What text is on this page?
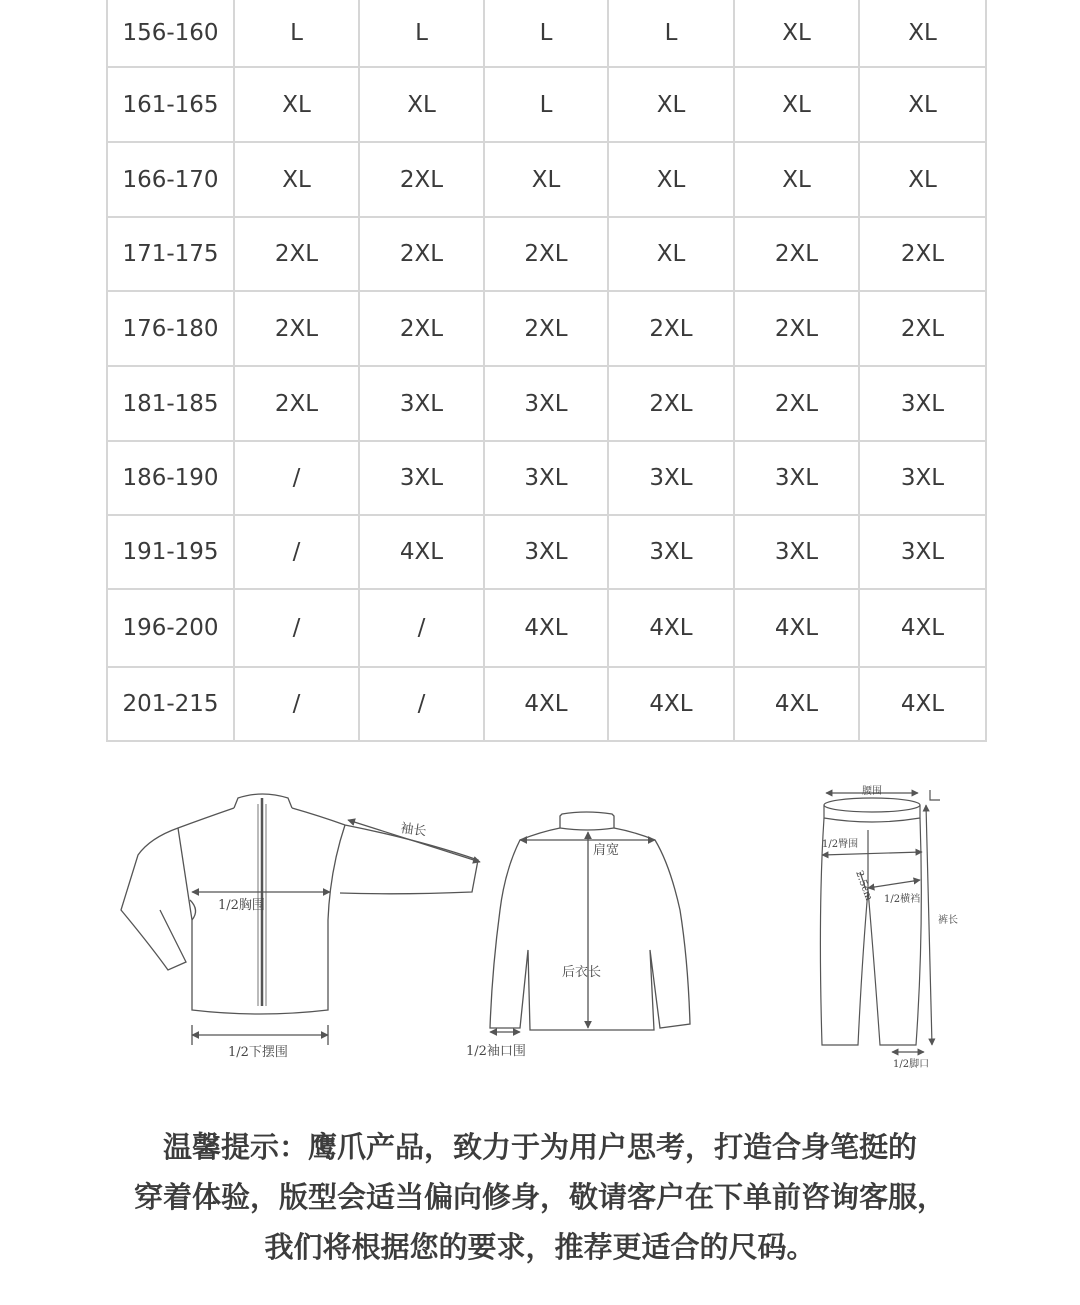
156-160	L	L	L	L	XL	XL
161-165	XL	XL	L	XL	XL	XL
166-170	XL	2XL	XL	XL	XL	XL
171-175	2XL	2XL	2XL	XL	2XL	2XL
176-180	2XL	2XL	2XL	2XL	2XL	2XL
181-185	2XL	3XL	3XL	2XL	2XL	3XL
186-190	/	3XL	3XL	3XL	3XL	3XL
191-195	/	4XL	3XL	3XL	3XL	3XL
196-200	/	/	4XL	4XL	4XL	4XL
201-215	/	/	4XL	4XL	4XL	4XL
袖长
1/2胸围
1/2下摆围
肩宽
后衣长
1/2袖口围
腰围
1/2臀围
2.5cm 1/2横裆
裤长
1/2脚口
温馨提示：鹰爪产品，致力于为用户思考，打造合身笔挺的
穿着体验，版型会适当偏向修身，敬请客户在下单前咨询客服，
我们将根据您的要求，推荐更适合的尺码。
